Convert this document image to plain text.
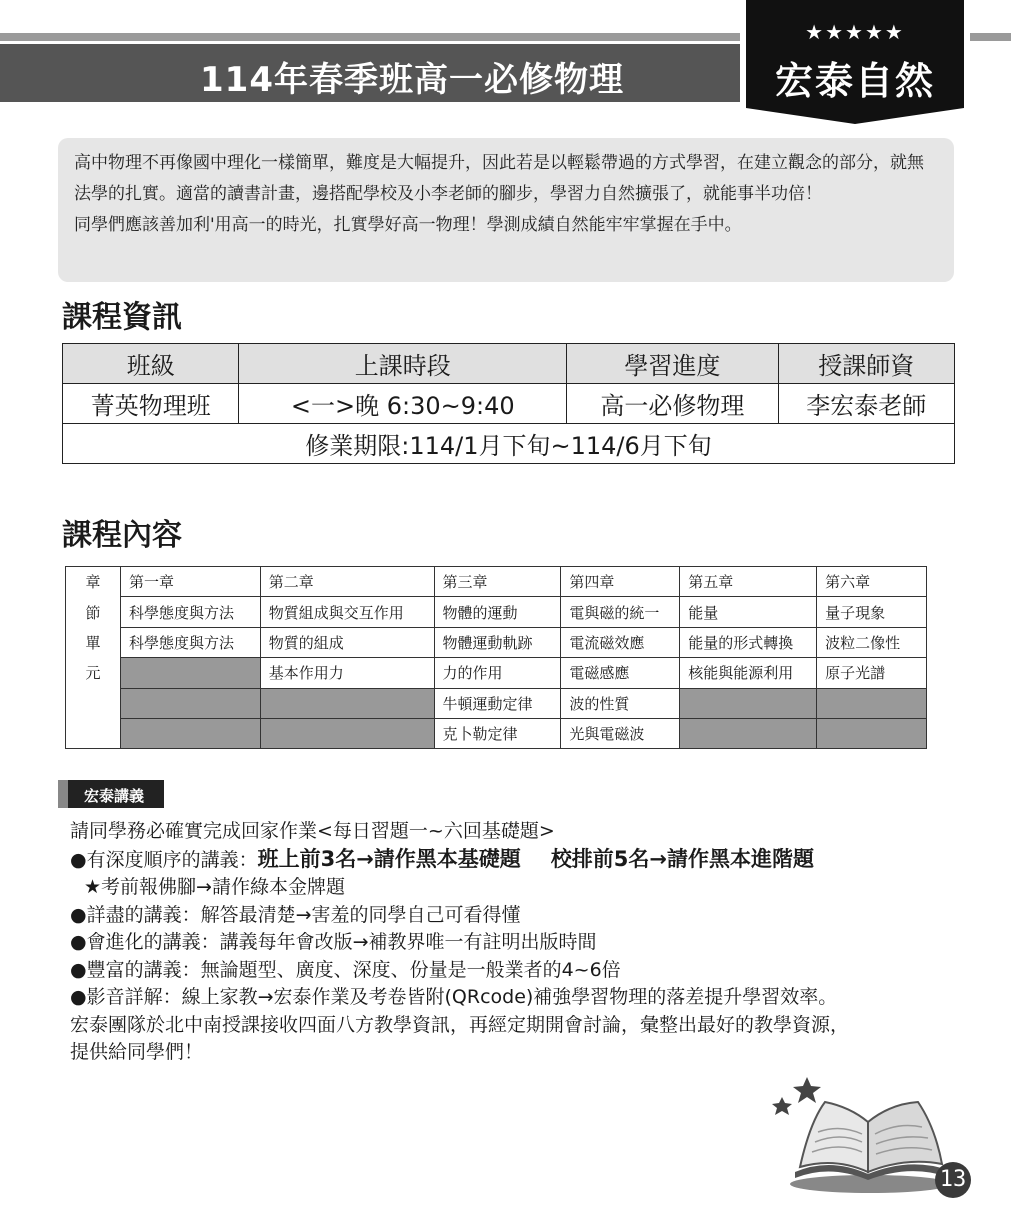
114年春季班高一必修物理
★★★★★
宏泰自然

高中物理不再像國中理化一樣簡單，難度是大幅提升，因此若是以輕鬆帶過的方式學習，在建立觀念的部分，就無法學的扎實。適當的讀書計畫，邊搭配學校及小李老師的腳步，學習力自然擴張了，就能事半功倍！

同學們應該善加利'用高一的時光，扎實學好高一物理！學測成績自然能牢牢掌握在手中。

課程資訊
班級	上課時段	學習進度	授課師資
菁英物理班	<一>晚 6:30~9:40	高一必修物理	李宏泰老師
修業期限:114/1月下旬~114/6月下旬			
課程內容
章	第一章	第二章	第三章	第四章	第五章	第六章
節	科學態度與方法	物質組成與交互作用	物體的運動	電與磁的統一	能量	量子現象
單	科學態度與方法	物質的組成	物體運動軌跡	電流磁效應	能量的形式轉換	波粒二像性
元		基本作用力	力的作用	電磁感應	核能與能源利用	原子光譜
			牛頓運動定律	波的性質		
			克卜勒定律	光與電磁波		
宏泰講義
請同學務必確實完成回家作業<每日習題一~六回基礎題>
●有深度順序的講義：班上前3名→請作黑本基礎題 校排前5名→請作黑本進階題
★考前報佛腳→請作綠本金牌題
●詳盡的講義：解答最清楚→害羞的同學自己可看得懂
●會進化的講義：講義每年會改版→補教界唯一有註明出版時間
●豐富的講義：無論題型、廣度、深度、份量是一般業者的4~6倍
●影音詳解：線上家教→宏泰作業及考卷皆附(QRcode)補強學習物理的落差提升學習效率。
宏泰團隊於北中南授課接收四面八方教學資訊，再經定期開會討論，彙整出最好的教學資源，
提供給同學們！
13
